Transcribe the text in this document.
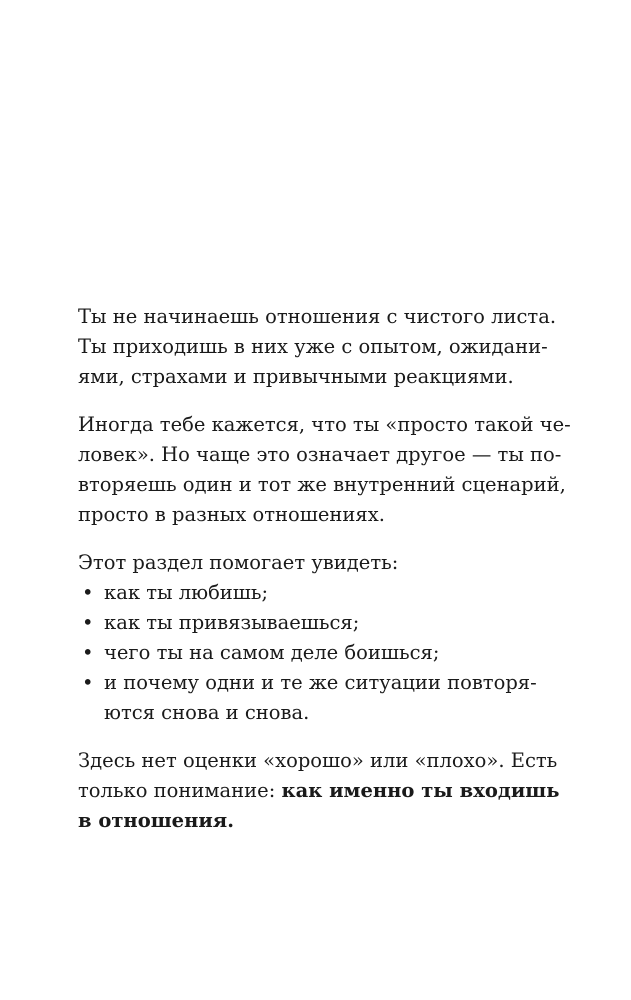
Ты не начинаешь отношения с чистого листа.
Ты приходишь в них уже с опытом, ожидани-
ями, страхами и привычными реакциями.
Иногда тебе кажется, что ты «просто такой че-
ловек». Но чаще это означает другое — ты по-
вторяешь один и тот же внутренний сценарий,
просто в разных отношениях.
Этот раздел помогает увидеть:
• как ты любишь;
• как ты привязываешься;
• чего ты на самом деле боишься;
• и почему одни и те же ситуации повторя-
ются снова и снова.
Здесь нет оценки «хорошо» или «плохо». Есть
только понимание: как именно ты входишь
в отношения.
